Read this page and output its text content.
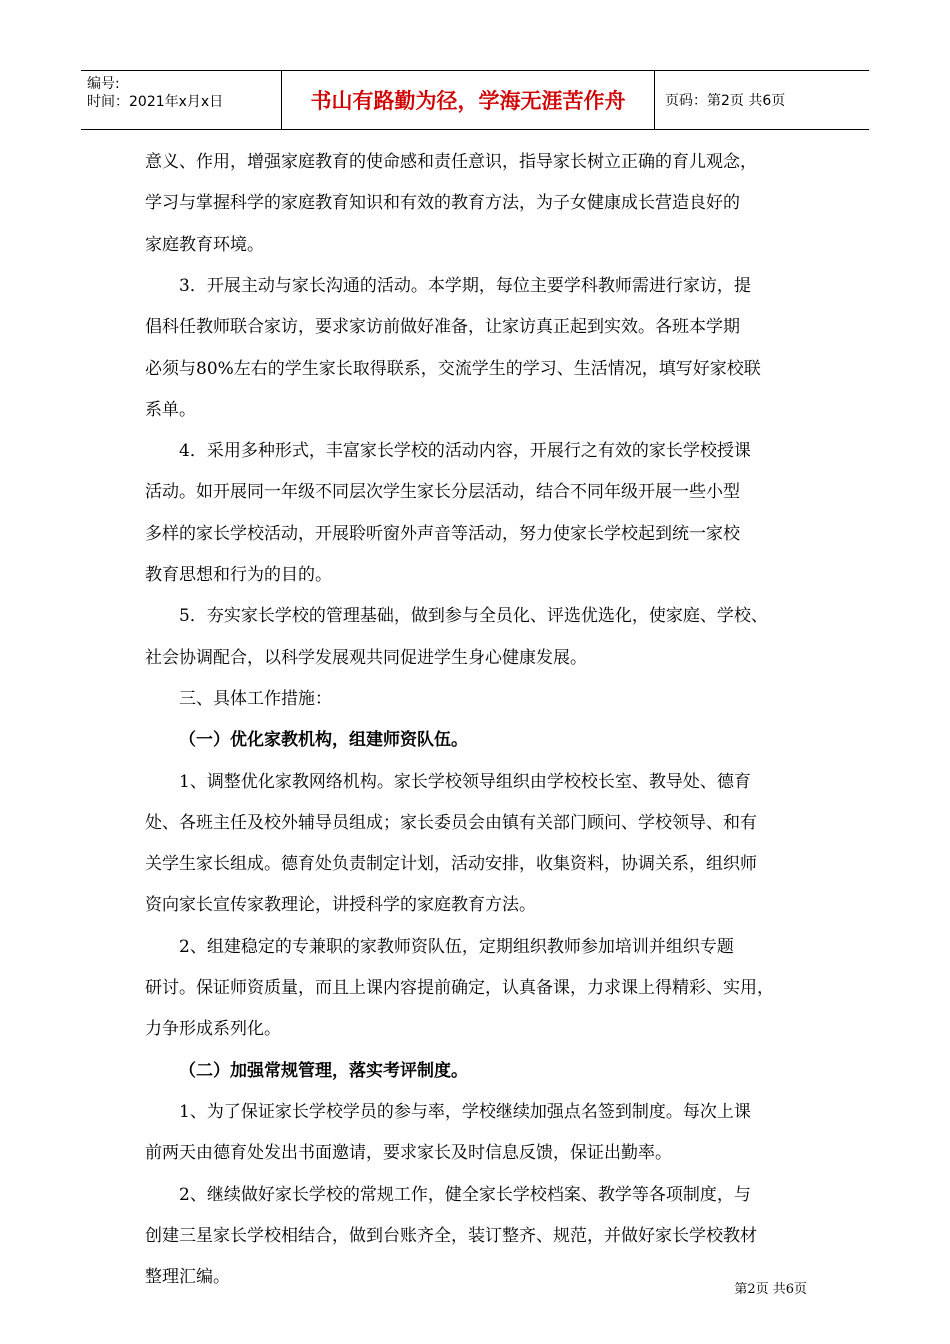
编号:
时间：2021年x月x日	书山有路勤为径，学海无涯苦作舟	页码：第2页 共6页
意义、作用，增强家庭教育的使命感和责任意识，指导家长树立正确的育儿观念，
学习与掌握科学的家庭教育知识和有效的教育方法，为子女健康成长营造良好的
家庭教育环境。
3．开展主动与家长沟通的活动。本学期，每位主要学科教师需进行家访，提
倡科任教师联合家访，要求家访前做好准备，让家访真正起到实效。各班本学期
必须与80%左右的学生家长取得联系，交流学生的学习、生活情况，填写好家校联
系单。
4．采用多种形式，丰富家长学校的活动内容，开展行之有效的家长学校授课
活动。如开展同一年级不同层次学生家长分层活动，结合不同年级开展一些小型
多样的家长学校活动，开展聆听窗外声音等活动，努力使家长学校起到统一家校
教育思想和行为的目的。
5．夯实家长学校的管理基础，做到参与全员化、评选优选化，使家庭、学校、
社会协调配合，以科学发展观共同促进学生身心健康发展。
三、具体工作措施：
（一）优化家教机构，组建师资队伍。
1、调整优化家教网络机构。家长学校领导组织由学校校长室、教导处、德育
处、各班主任及校外辅导员组成；家长委员会由镇有关部门顾问、学校领导、和有
关学生家长组成。德育处负责制定计划，活动安排，收集资料，协调关系，组织师
资向家长宣传家教理论，讲授科学的家庭教育方法。
2、组建稳定的专兼职的家教师资队伍，定期组织教师参加培训并组织专题
研讨。保证师资质量，而且上课内容提前确定，认真备课，力求课上得精彩、实用，
力争形成系列化。
（二）加强常规管理，落实考评制度。
1、为了保证家长学校学员的参与率，学校继续加强点名签到制度。每次上课
前两天由德育处发出书面邀请，要求家长及时信息反馈，保证出勤率。
2、继续做好家长学校的常规工作，健全家长学校档案、教学等各项制度，与
创建三星家长学校相结合，做到台账齐全，装订整齐、规范，并做好家长学校教材
整理汇编。
第2页 共6页
